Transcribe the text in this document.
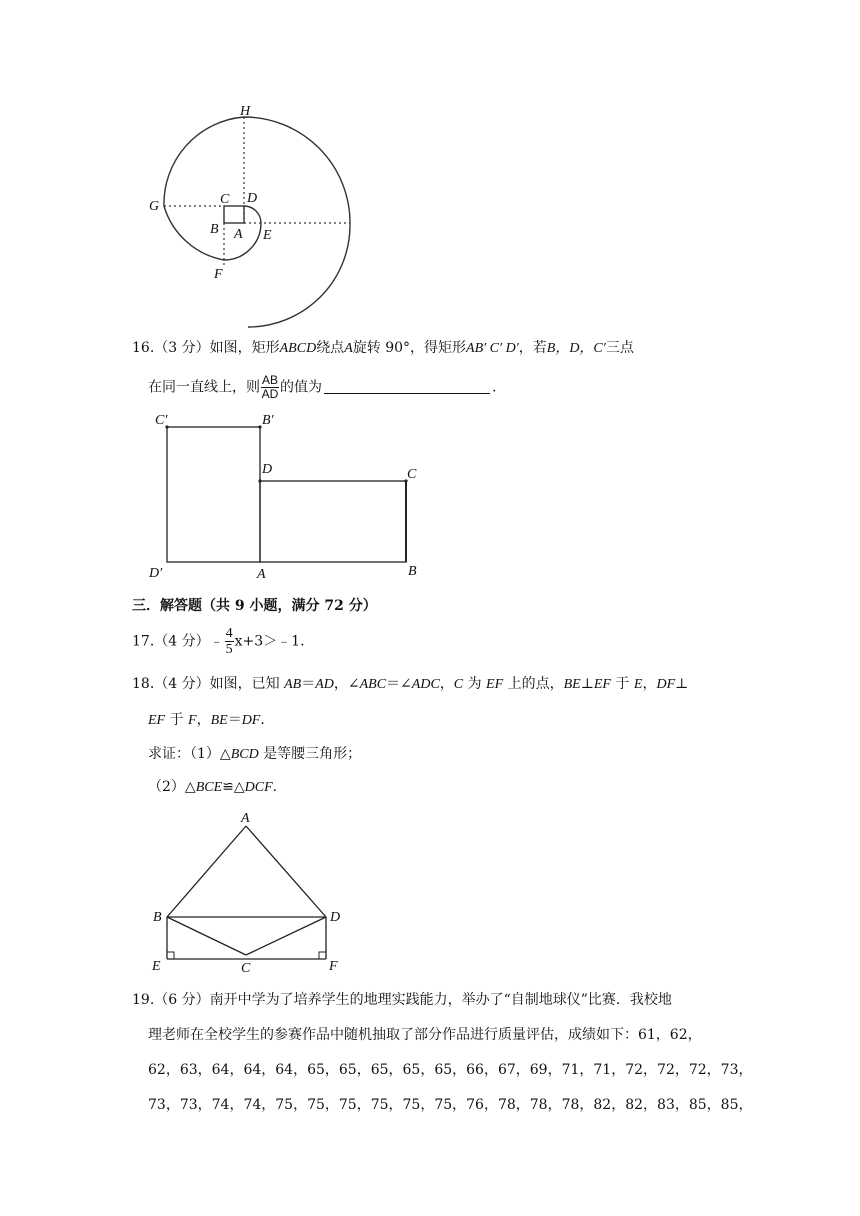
H
G	C D
B A E
F
16.（3 分）如图，矩形ABCD绕点A旋转 90°，得矩形AB′ C′ D′，若B，D，C′三点
在同一直线上，则 $\frac{AB}{AD}$ 的值为	.
C′	B′
D	C
D′	A	B
三．解答题（共 9 小题，满分 72 分）
17.（4 分）﹣ $\frac{4}{5}$ x+3＞﹣1.
18.（4 分）如图，已知 AB＝AD，∠ABC＝∠ADC，C 为 EF 上的点，BE⊥EF 于 E，DF⊥
EF 于 F，BE＝DF.
求证：（1）△BCD 是等腰三角形；
（2）△BCE≌△DCF.
A
B	D
E	C	F
19.（6 分）南开中学为了培养学生的地理实践能力，举办了“自制地球仪”比赛．我校地
理老师在全校学生的参赛作品中随机抽取了部分作品进行质量评估，成绩如下：61，62，
62，63，64，64，64，65，65，65，65，65，66，67，69，71，71，72，72，72，73，
73，73，74，74，75，75，75，75，75，75，76，78，78，78，82，82，83，85，85，
